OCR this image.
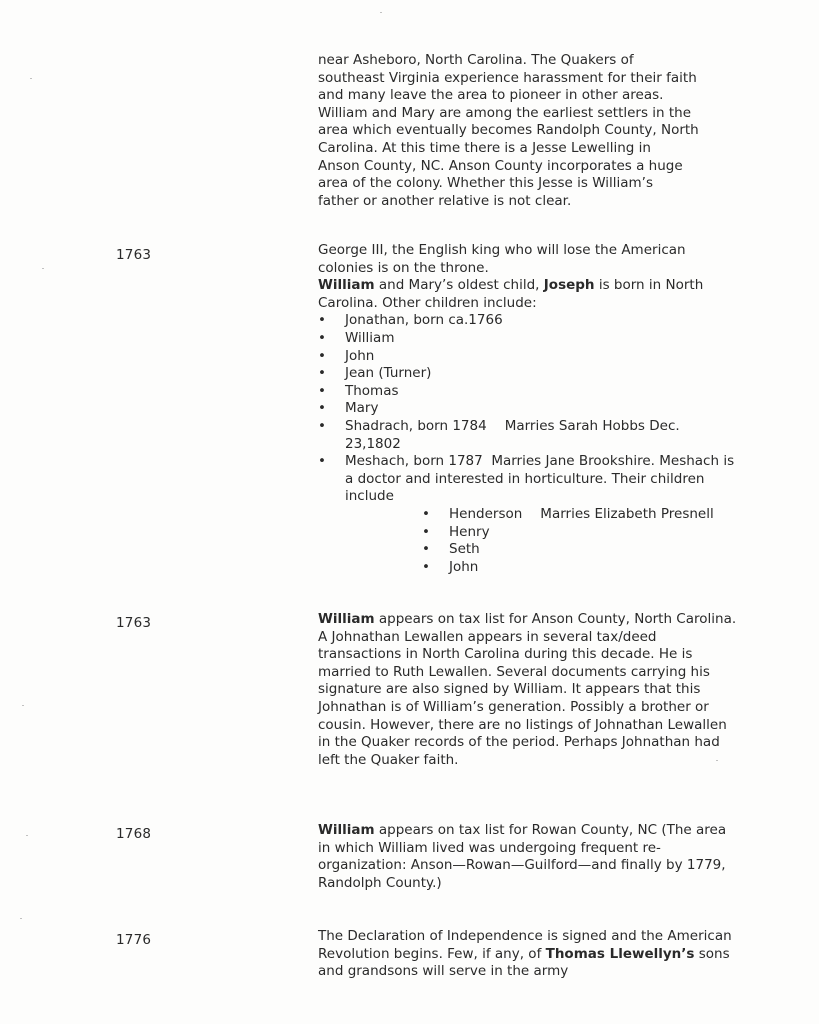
near Asheboro, North Carolina. The Quakers of
southeast Virginia experience harassment for their faith
and many leave the area to pioneer in other areas.
William and Mary are among the earliest settlers in the
area which eventually becomes Randolph County, North
Carolina. At this time there is a Jesse Lewelling in
Anson County, NC. Anson County incorporates a huge
area of the colony. Whether this Jesse is William’s
father or another relative is not clear.

1763	George III, the English king who will lose the American colonies is on the throne.

William and Mary’s oldest child, Joseph is born in North Carolina. Other children include:

• Jonathan, born ca.1766
• William
• John
• Jean (Turner)
• Thomas
• Mary
• Shadrach, born 1784 Marries Sarah Hobbs Dec. 23,1802
• Meshach, born 1787 Marries Jane Brookshire. Meshach is a doctor and interested in horticulture. Their children include
• Henderson Marries Elizabeth Presnell
• Henry
• Seth
• John
1763	William appears on tax list for Anson County, North Carolina. A Johnathan Lewallen appears in several tax/deed transactions in North Carolina during this decade. He is married to Ruth Lewallen. Several documents carrying his signature are also signed by William. It appears that this Johnathan is of William’s generation. Possibly a brother or cousin. However, there are no listings of Johnathan Lewallen in the Quaker records of the period. Perhaps Johnathan had left the Quaker faith.

1768	William appears on tax list for Rowan County, NC (The area in which William lived was undergoing frequent re-organization: Anson—Rowan—Guilford—and finally by 1779, Randolph County.)

1776	The Declaration of Independence is signed and the American Revolution begins. Few, if any, of Thomas Llewellyn’s sons and grandsons will serve in the army
